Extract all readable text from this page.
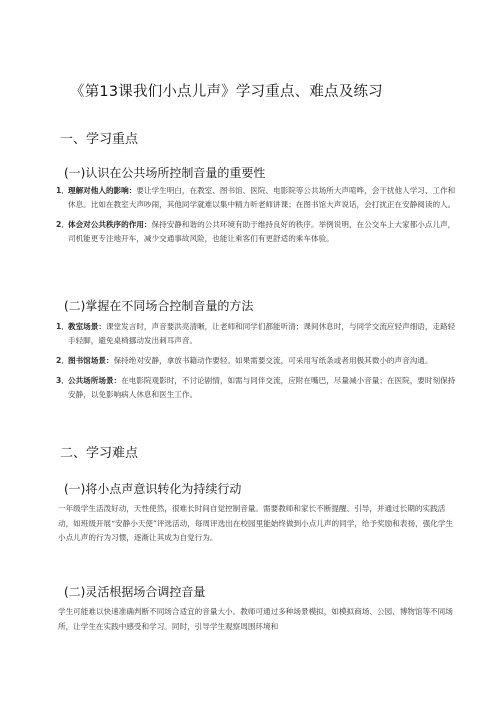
《第13课我们小点儿声》学习重点、难点及练习
一、学习重点
(一)认识在公共场所控制音量的重要性
1． 理解对他人的影响：要让学生明白，在教室、图书馆、医院、电影院等公共场所大声喧哗，会干扰他人学习、工作和休息。比如在教室大声吵闹，其他同学就难以集中精力听老师讲课；在图书馆大声说话，会打扰正在安静阅读的人。
2． 体会对公共秩序的作用：保持安静和谐的公共环境有助于维持良好的秩序。举例说明，在公交车上大家都小点儿声，司机能更专注地开车，减少交通事故风险，也能让乘客们有更舒适的乘车体验。
(二)掌握在不同场合控制音量的方法
1． 教室场景：课堂发言时，声音要洪亮清晰，让老师和同学们都能听清；课间休息时，与同学交流应轻声细语，走路轻手轻脚，避免桌椅挪动发出刺耳声音。
2． 图书馆场景：保持绝对安静，拿放书籍动作要轻。如果需要交流，可采用写纸条或者用极其微小的声音沟通。
3． 公共场所场景：在电影院观影时，不讨论剧情，如需与同伴交流，应附在嘴巴，尽量减小音量；在医院，要时刻保持安静，以免影响病人休息和医生工作。
二、学习难点
(一)将小点声意识转化为持续行动
一年级学生活泼好动，天性使然，很难长时间自觉控制音量。需要教师和家长不断提醒、引导，并通过长期的实践活动，如班级开展“安静小天使”评选活动，每周评选出在校园里能始终做到小点儿声的同学，给予奖励和表扬，强化学生小点儿声的行为习惯，逐渐让其成为自觉行为。
(二)灵活根据场合调控音量
学生可能难以快速准确判断不同场合适宜的音量大小。教师可通过多种场景模拟，如模拟商场、公园、博物馆等不同场所，让学生在实践中感受和学习。同时，引导学生观察周围环境和
